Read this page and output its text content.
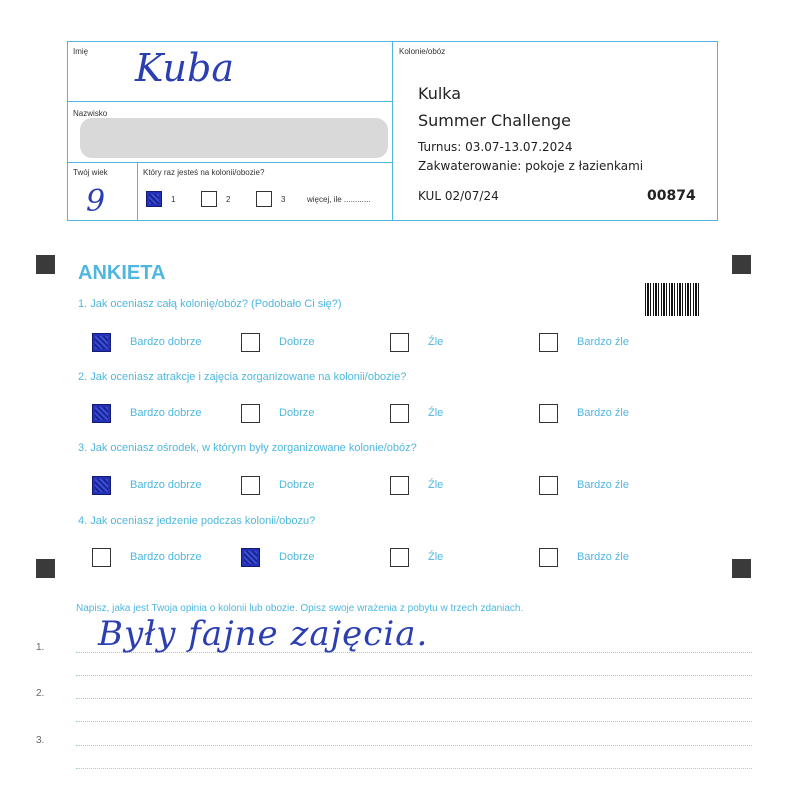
Imię Kuba
Nazwisko
Twój wiek
9
Który raz jesteś na kolonii/obozie?
1	2	3	więcej, ile ............
Kolonie/obóz
Kulka
Summer Challenge
Turnus: 03.07-13.07.2024
Zakwaterowanie: pokoje z łazienkami
KUL 02/07/24	00874
ANKIETA
1. Jak oceniasz całą kolonię/obóz? (Podobało Ci się?)
2. Jak oceniasz atrakcje i zajęcia zorganizowane na kolonii/obozie?
3. Jak oceniasz ośrodek, w którym były zorganizowane kolonie/obóz?
4. Jak oceniasz jedzenie podczas kolonii/obozu?
Bardzo dobrze	Dobrze	Źle	Bardzo źle
Bardzo dobrze	Dobrze	Źle	Bardzo źle
Bardzo dobrze	Dobrze	Źle	Bardzo źle
Bardzo dobrze	Dobrze	Źle	Bardzo źle
Napisz, jaka jest Twoja opinia o kolonii lub obozie. Opisz swoje wrażenia z pobytu w trzech zdaniach.
1.
2.
3.
Były fajne zajęcia.
